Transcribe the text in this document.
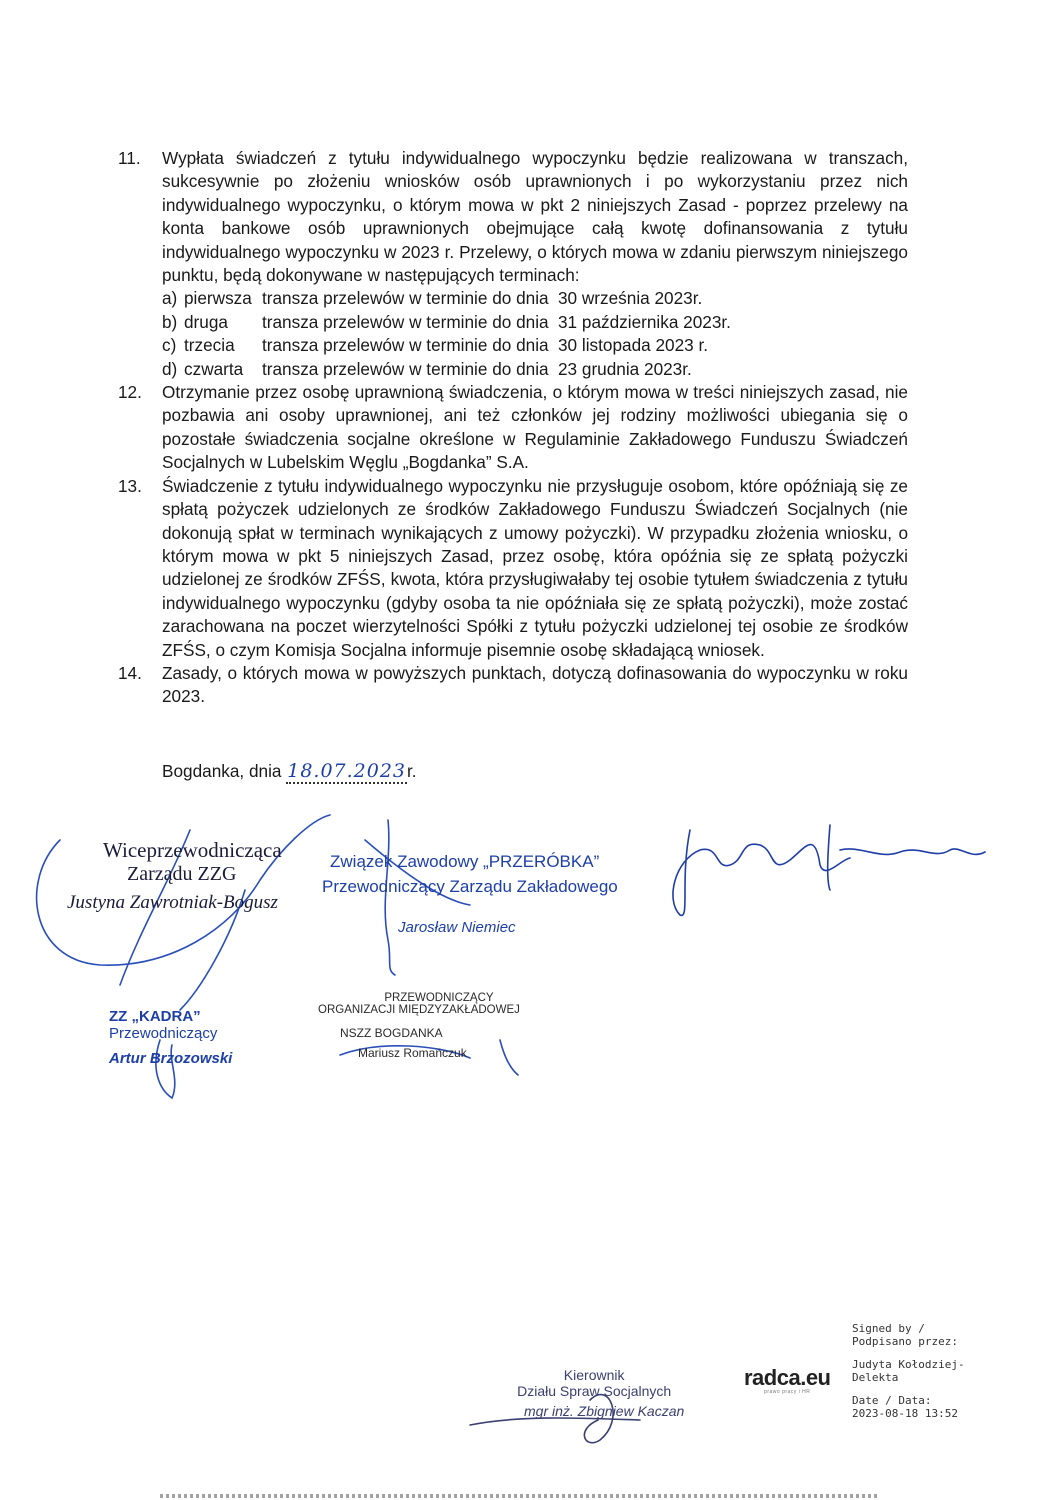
11.	Wypłata świadczeń z tytułu indywidualnego wypoczynku będzie realizowana w transzach, sukcesywnie po złożeniu wniosków osób uprawnionych i po wykorzystaniu przez nich indywidualnego wypoczynku, o którym mowa w pkt 2 niniejszych Zasad - poprzez przelewy na konta bankowe osób uprawnionych obejmujące całą kwotę dofinansowania z tytułu indywidualnego wypoczynku w 2023 r. Przelewy, o których mowa w zdaniu pierwszym niniejszego punktu, będą dokonywane w następujących terminach:
a) pierwsza transza przelewów w terminie do dnia 30 września 2023r.
b) druga	transza przelewów w terminie do dnia 31 października 2023r.
c) trzecia	transza przelewów w terminie do dnia 30 listopada 2023 r.
d) czwarta	transza przelewów w terminie do dnia 23 grudnia 2023r.
12.	Otrzymanie przez osobę uprawnioną świadczenia, o którym mowa w treści niniejszych zasad, nie pozbawia ani osoby uprawnionej, ani też członków jej rodziny możliwości ubiegania się o pozostałe świadczenia socjalne określone w Regulaminie Zakładowego Funduszu Świadczeń Socjalnych w Lubelskim Węglu „Bogdanka” S.A.
13.	Świadczenie z tytułu indywidualnego wypoczynku nie przysługuje osobom, które opóźniają się ze spłatą pożyczek udzielonych ze środków Zakładowego Funduszu Świadczeń Socjalnych (nie dokonują spłat w terminach wynikających z umowy pożyczki). W przypadku złożenia wniosku, o którym mowa w pkt 5 niniejszych Zasad, przez osobę, która opóźnia się ze spłatą pożyczki udzielonej ze środków ZFŚS, kwota, która przysługiwałaby tej osobie tytułem świadczenia z tytułu indywidualnego wypoczynku (gdyby osoba ta nie opóźniała się ze spłatą pożyczki), może zostać zarachowana na poczet wierzytelności Spółki z tytułu pożyczki udzielonej tej osobie ze środków ZFŚS, o czym Komisja Socjalna informuje pisemnie osobę składającą wniosek.
14.	Zasady, o których mowa w powyższych punktach, dotyczą dofinasowania do wypoczynku w roku 2023.
Bogdanka, dnia 18.07.2023r.
Wiceprzewodnicząca
Zarządu ZZG
Justyna Zawrotniak-Bogusz
Związek Zawodowy „PRZERÓBKA”
Przewodniczący Zarządu Zakładowego
Jarosław Niemiec
ZZ „KADRA”
Przewodniczący
Artur Brzozowski
PRZEWODNICZĄCY
ORGANIZACJI MIĘDZYZAKŁADOWEJ
NSZZ BOGDANKA
Mariusz Romańczuk
Kierownik
Działu Spraw Socjalnych
mgr inż. Zbigniew Kaczan
radca.eu
prawo pracy i HR
Signed by /
Podpisano przez:
Judyta Kołodziej-
Delekta
Date / Data:
2023-08-18 13:52
